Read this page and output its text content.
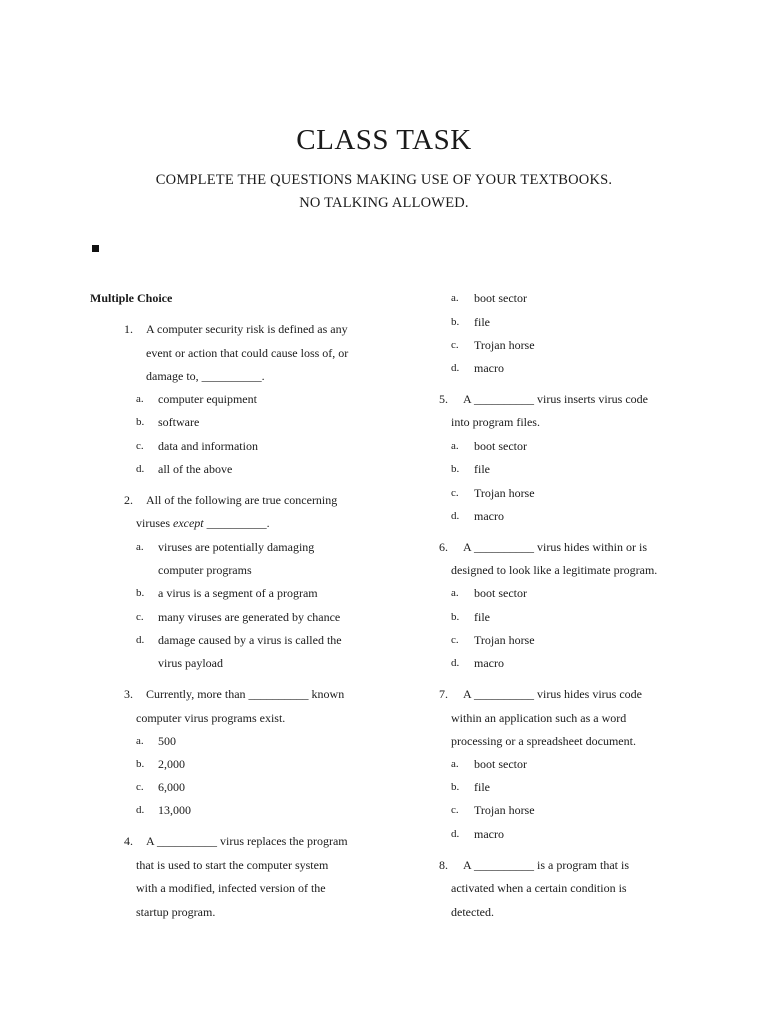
CLASS TASK
COMPLETE THE QUESTIONS MAKING USE OF YOUR TEXTBOOKS.
NO TALKING ALLOWED.
Multiple Choice
1. A computer security risk is defined as any
event or action that could cause loss of, or
damage to, __________.
a. computer equipment
b. software
c. data and information
d. all of the above
2. All of the following are true concerning
viruses except __________.
a. viruses are potentially damaging
computer programs
b. a virus is a segment of a program
c. many viruses are generated by chance
d. damage caused by a virus is called the
virus payload
3. Currently, more than __________ known
computer virus programs exist.
a. 500
b. 2,000
c. 6,000
d. 13,000
4. A __________ virus replaces the program
that is used to start the computer system
with a modified, infected version of the
startup program.
a. boot sector
b. file
c. Trojan horse
d. macro
5. A __________ virus inserts virus code
into program files.
a. boot sector
b. file
c. Trojan horse
d. macro
6. A __________ virus hides within or is
designed to look like a legitimate program.
a. boot sector
b. file
c. Trojan horse
d. macro
7. A __________ virus hides virus code
within an application such as a word
processing or a spreadsheet document.
a. boot sector
b. file
c. Trojan horse
d. macro
8. A __________ is a program that is
activated when a certain condition is
detected.
